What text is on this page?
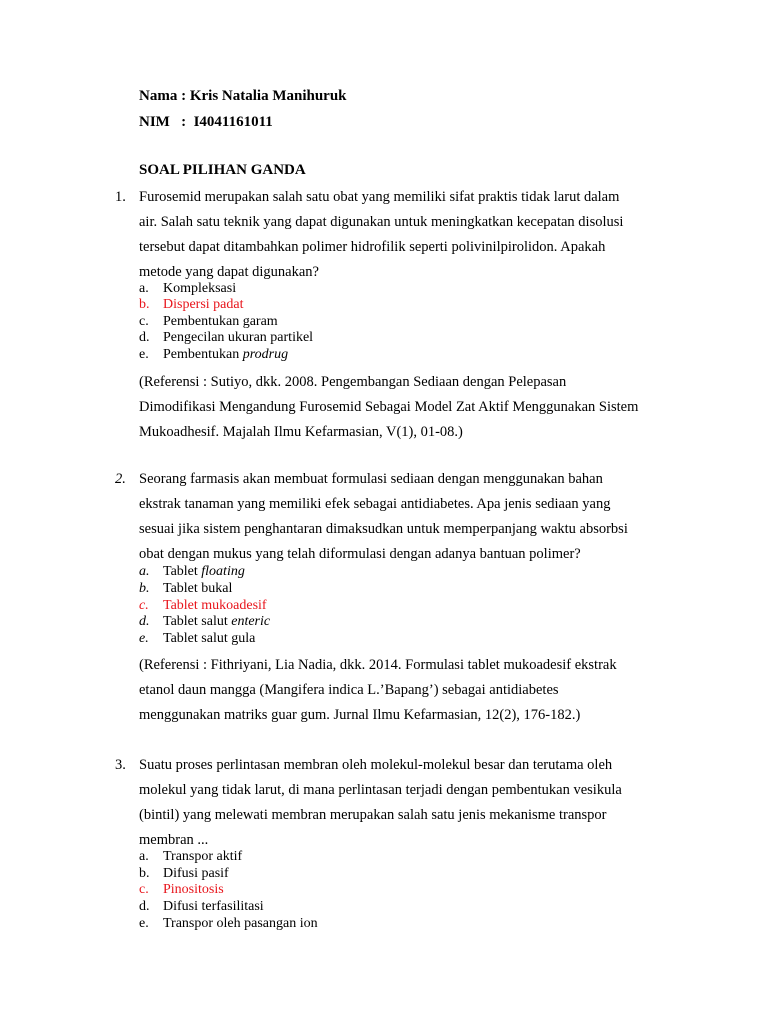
Nama : Kris Natalia Manihuruk
NIM   :  I4041161011
SOAL PILIHAN GANDA
1. Furosemid merupakan salah satu obat yang memiliki sifat praktis tidak larut dalam
air. Salah satu teknik yang dapat digunakan untuk meningkatkan kecepatan disolusi
tersebut dapat ditambahkan polimer hidrofilik seperti polivinilpirolidon. Apakah
metode yang dapat digunakan?
a. Kompleksasi
b. Dispersi padat
c. Pembentukan garam
d. Pengecilan ukuran partikel
e. Pembentukan prodrug
(Referensi : Sutiyo, dkk. 2008. Pengembangan Sediaan dengan Pelepasan
Dimodifikasi Mengandung Furosemid Sebagai Model Zat Aktif Menggunakan Sistem
Mukoadhesif. Majalah Ilmu Kefarmasian, V(1), 01-08.)
2. Seorang farmasis akan membuat formulasi sediaan dengan menggunakan bahan
ekstrak tanaman yang memiliki efek sebagai antidiabetes. Apa jenis sediaan yang
sesuai jika sistem penghantaran dimaksudkan untuk memperpanjang waktu absorbsi
obat dengan mukus yang telah diformulasi dengan adanya bantuan polimer?
a. Tablet floating
b. Tablet bukal
c. Tablet mukoadesif
d. Tablet salut enteric
e. Tablet salut gula
(Referensi : Fithriyani, Lia Nadia, dkk. 2014. Formulasi tablet mukoadesif ekstrak
etanol daun mangga (Mangifera indica L.’Bapang’) sebagai antidiabetes
menggunakan matriks guar gum. Jurnal Ilmu Kefarmasian, 12(2), 176-182.)
3. Suatu proses perlintasan membran oleh molekul-molekul besar dan terutama oleh
molekul yang tidak larut, di mana perlintasan terjadi dengan pembentukan vesikula
(bintil) yang melewati membran merupakan salah satu jenis mekanisme transpor
membran ...
a. Transpor aktif
b. Difusi pasif
c. Pinositosis
d. Difusi terfasilitasi
e. Transpor oleh pasangan ion
